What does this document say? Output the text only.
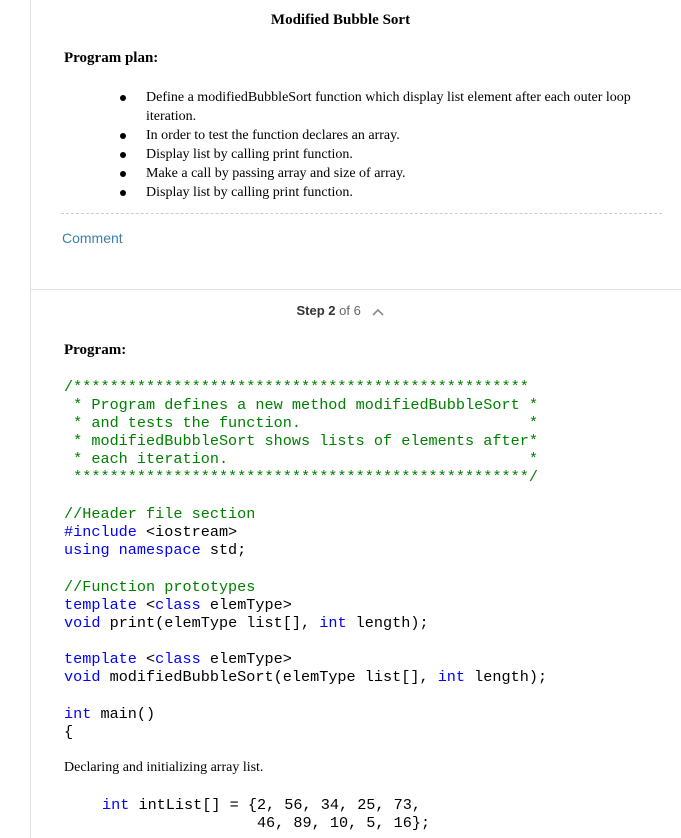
Modified Bubble Sort
Program plan:
Define a modifiedBubbleSort function which display list element after each outer loop iteration.
In order to test the function declares an array.
Display list by calling print function.
Make a call by passing array and size of array.
Display list by calling print function.
Comment
Step 2 of 6
Program:
/**************************************************
* Program defines a new method modifiedBubbleSort *
* and tests the function.                         *
* modifiedBubbleSort shows lists of elements after*
* each iteration.                                 *
**************************************************/
//Header file section
#include <iostream>
using namespace std;
//Function prototypes
template <class elemType>
void print(elemType list[], int length);
template <class elemType>
void modifiedBubbleSort(elemType list[], int length);
int main()
{
Declaring and initializing array list.
int intList[] = {2, 56, 34, 25, 73,
46, 89, 10, 5, 16};
